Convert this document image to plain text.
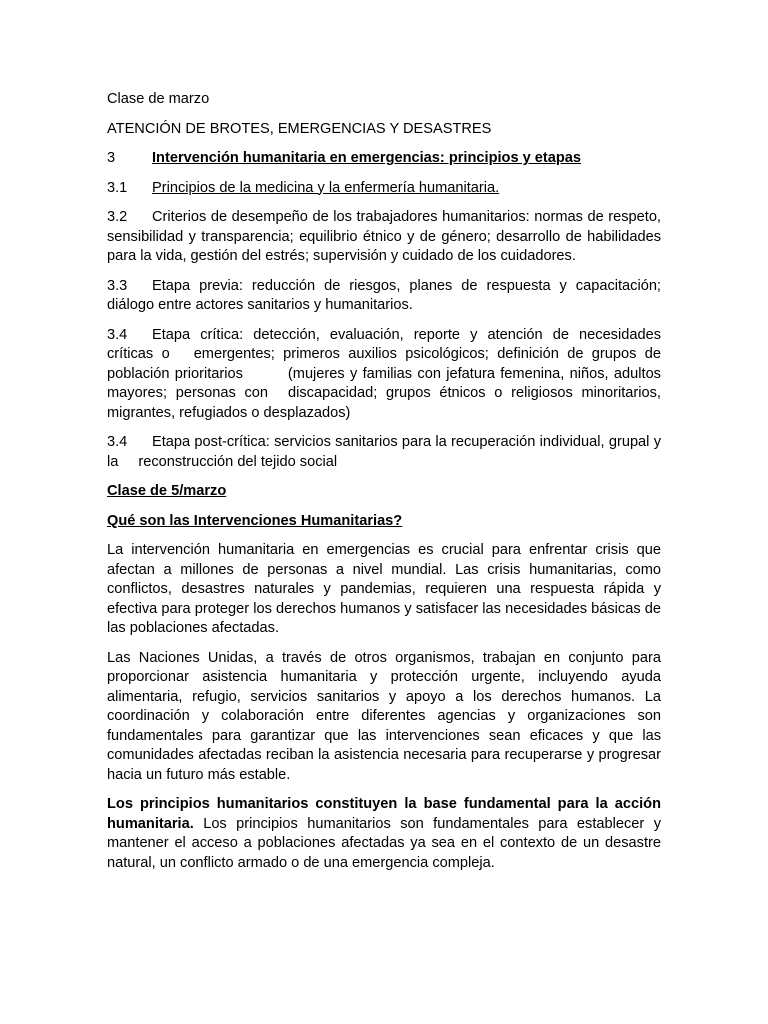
Clase de marzo

ATENCIÓN DE BROTES, EMERGENCIAS Y DESASTRES

3	Intervención humanitaria en emergencias: principios y etapas

3.1 Principios de la medicina y la enfermería humanitaria.

3.2 Criterios de desempeño de los trabajadores humanitarios: normas de respeto, sensibilidad y transparencia; equilibrio étnico y de género; desarrollo de habilidades para la vida, gestión del estrés; supervisión y cuidado de los cuidadores.

3.3 Etapa previa: reducción de riesgos, planes de respuesta y capacitación; diálogo entre actores sanitarios y humanitarios.

3.4 Etapa crítica: detección, evaluación, reporte y atención de necesidades críticas o emergentes; primeros auxilios psicológicos; definición de grupos de población prioritarios	(mujeres y familias con jefatura femenina, niños, adultos mayores; personas con discapacidad; grupos étnicos o religiosos minoritarios, migrantes, refugiados o desplazados)

3.4 Etapa post-crítica: servicios sanitarios para la recuperación individual, grupal y la reconstrucción del tejido social

Clase de 5/marzo

Qué son las Intervenciones Humanitarias?

La intervención humanitaria en emergencias es crucial para enfrentar crisis que afectan a millones de personas a nivel mundial. Las crisis humanitarias, como conflictos, desastres naturales y pandemias, requieren una respuesta rápida y efectiva para proteger los derechos humanos y satisfacer las necesidades básicas de las poblaciones afectadas.

Las Naciones Unidas, a través de otros organismos, trabajan en conjunto para proporcionar asistencia humanitaria y protección urgente, incluyendo ayuda alimentaria, refugio, servicios sanitarios y apoyo a los derechos humanos. La coordinación y colaboración entre diferentes agencias y organizaciones son fundamentales para garantizar que las intervenciones sean eficaces y que las comunidades afectadas reciban la asistencia necesaria para recuperarse y progresar hacia un futuro más estable.

Los principios humanitarios constituyen la base fundamental para la acción humanitaria. Los principios humanitarios son fundamentales para establecer y mantener el acceso a poblaciones afectadas ya sea en el contexto de un desastre natural, un conflicto armado o de una emergencia compleja.
